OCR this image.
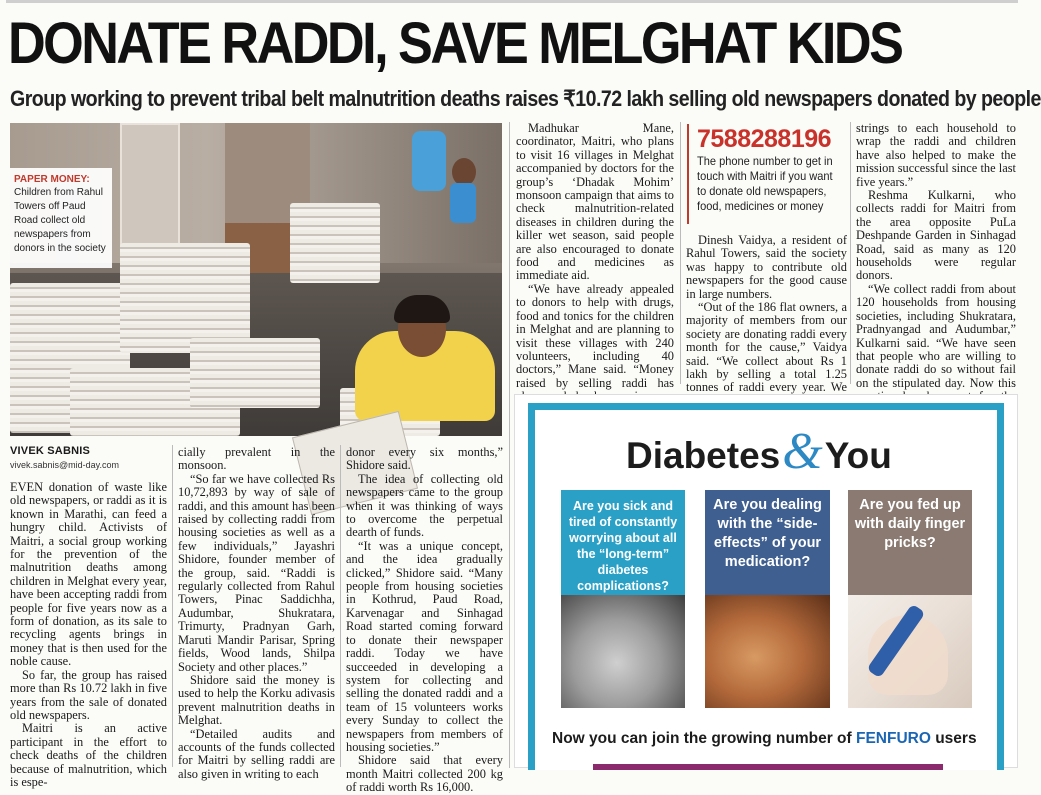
DONATE RADDI, SAVE MELGHAT KIDS
Group working to prevent tribal belt malnutrition deaths raises ₹10.72 lakh selling old newspapers donated by people
PAPER MONEY:
Children from Rahul Towers off Paud Road collect old newspapers from donors in the society
VIVEK SABNIS
vivek.sabnis@mid-day.com

EVEN donation of waste like old newspapers, or raddi as it is known in Marathi, can feed a hungry child. Activists of Maitri, a social group working for the prevention of the malnutrition deaths among children in Melghat every year, have been accepting raddi from people for five years now as a form of donation, as its sale to recycling agents brings in money that is then used for the noble cause.

So far, the group has raised more than Rs 10.72 lakh in five years from the sale of donated old newspapers.

Maitri is an active participant in the effort to check deaths of the children because of malnutrition, which is espe-

cially prevalent in the monsoon.

“So far we have collected Rs 10,72,893 by way of sale of raddi, and this amount has been raised by collecting raddi from housing societies as well as a few individuals,” Jayashri Shidore, founder member of the group, said. “Raddi is regularly collected from Rahul Towers, Pinac Saddichha, Audumbar, Shukratara, Trimurty, Pradnyan Garh, Maruti Mandir Parisar, Spring fields, Wood lands, Shilpa Society and other places.”

Shidore said the money is used to help the Korku adivasis prevent malnutrition deaths in Melghat.

“Detailed audits and accounts of the funds collected for Maitri by selling raddi are also given in writing to each

donor every six months,” Shidore said.

The idea of collecting old newspapers came to the group when it was thinking of ways to overcome the perpetual dearth of funds.

“It was a unique concept, and the idea gradually clicked,” Shidore said. “Many people from housing societies in Kothrud, Paud Road, Karvenagar and Sinhagad Road started coming forward to donate their newspaper raddi. Today we have succeeded in developing a system for collecting and selling the donated raddi and a team of 15 volunteers works every Sunday to collect the newspapers from members of housing societies.”

Shidore said that every month Maitri collected 200 kg of raddi worth Rs 16,000.

Madhukar Mane, coordinator, Maitri, who plans to visit 16 villages in Melghat accompanied by doctors for the group’s ‘Dhadak Mohim’ monsoon campaign that aims to check malnutrition-related diseases in children during the killer wet season, said people are also encouraged to donate food and medicines as immediate aid.

“We have already appealed to donors to help with drugs, food and tonics for the children in Melghat and are planning to visit these villages with 240 volunteers, including 40 doctors,” Mane said. “Money raised by selling raddi has

7588288196
The phone number to get in touch with Maitri if you want to donate old newspapers, food, medicines or money

Dinesh Vaidya, a resident of Rahul Towers, said the society was happy to contribute old newspapers for the good cause in large numbers.

“Out of the 186 flat owners, a majority of members from our society are donating raddi every month for the cause,” Vaidya said. “We collect about Rs 1 lakh by selling a total 1.25 tonnes of raddi every year. We

strings to each household to wrap the raddi and children have also helped to make the mission successful since the last five years.”

Reshma Kulkarni, who collects raddi for Maitri from the area opposite PuLa Deshpande Garden in Sinhagad Road, said as many as 120 households were regular donors.

“We collect raddi from about 120 households from housing societies, including Shukratara, Pradnyangad and Audumbar,” Kulkarni said. “We have seen that people who are willing to donate raddi do so without fail on the stipulated day. Now this

Diabetes&You
Are you sick and tired of constantly worrying about all the “long-term” diabetes complications?
Are you dealing with the “side-effects” of your medication?
Are you fed up with daily finger pricks?
Now you can join the growing number of FENFURO users
